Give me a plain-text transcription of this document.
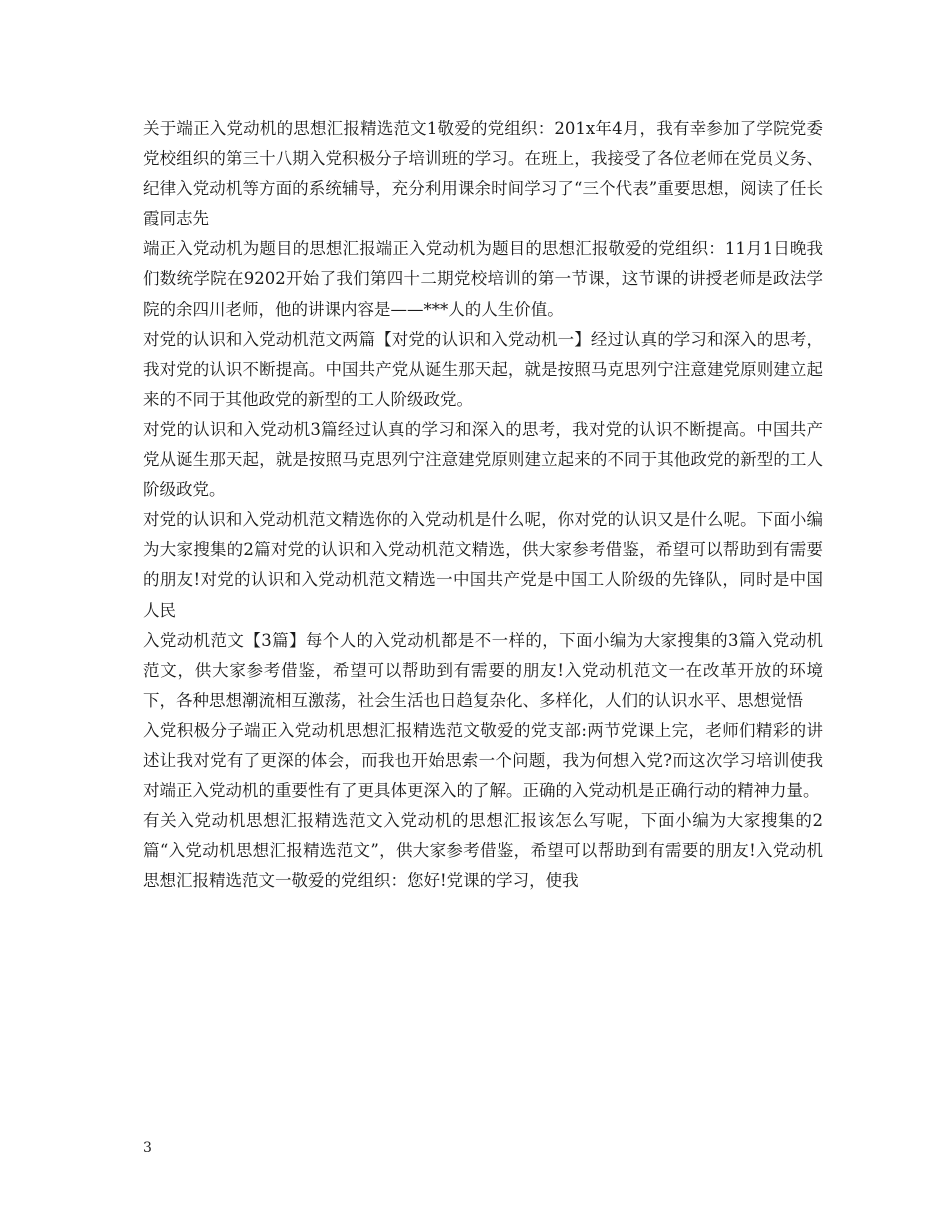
关于端正入党动机的思想汇报精选范文1敬爱的党组织：201x年4月，我有幸参加了学院党委党校组织的第三十八期入党积极分子培训班的学习。在班上，我接受了各位老师在党员义务、纪律入党动机等方面的系统辅导，充分利用课余时间学习了“三个代表”重要思想，阅读了任长霞同志先

端正入党动机为题目的思想汇报端正入党动机为题目的思想汇报敬爱的党组织：11月1日晚我们数统学院在9202开始了我们第四十二期党校培训的第一节课，这节课的讲授老师是政法学院的余四川老师，他的讲课内容是——***人的人生价值。

对党的认识和入党动机范文两篇【对党的认识和入党动机一】经过认真的学习和深入的思考，我对党的认识不断提高。中国共产党从诞生那天起，就是按照马克思列宁注意建党原则建立起来的不同于其他政党的新型的工人阶级政党。

对党的认识和入党动机3篇经过认真的学习和深入的思考，我对党的认识不断提高。中国共产党从诞生那天起，就是按照马克思列宁注意建党原则建立起来的不同于其他政党的新型的工人阶级政党。

对党的认识和入党动机范文精选你的入党动机是什么呢，你对党的认识又是什么呢。下面小编为大家搜集的2篇对党的认识和入党动机范文精选，供大家参考借鉴，希望可以帮助到有需要的朋友!对党的认识和入党动机范文精选一中国共产党是中国工人阶级的先锋队，同时是中国人民

入党动机范文【3篇】每个人的入党动机都是不一样的，下面小编为大家搜集的3篇入党动机范文，供大家参考借鉴，希望可以帮助到有需要的朋友!入党动机范文一在改革开放的环境下，各种思想潮流相互激荡，社会生活也日趋复杂化、多样化，人们的认识水平、思想觉悟

入党积极分子端正入党动机思想汇报精选范文敬爱的党支部:两节党课上完，老师们精彩的讲述让我对党有了更深的体会，而我也开始思索一个问题，我为何想入党?而这次学习培训使我对端正入党动机的重要性有了更具体更深入的了解。正确的入党动机是正确行动的精神力量。

有关入党动机思想汇报精选范文入党动机的思想汇报该怎么写呢，下面小编为大家搜集的2篇“入党动机思想汇报精选范文”，供大家参考借鉴，希望可以帮助到有需要的朋友!入党动机思想汇报精选范文一敬爱的党组织：您好!党课的学习，使我

3
